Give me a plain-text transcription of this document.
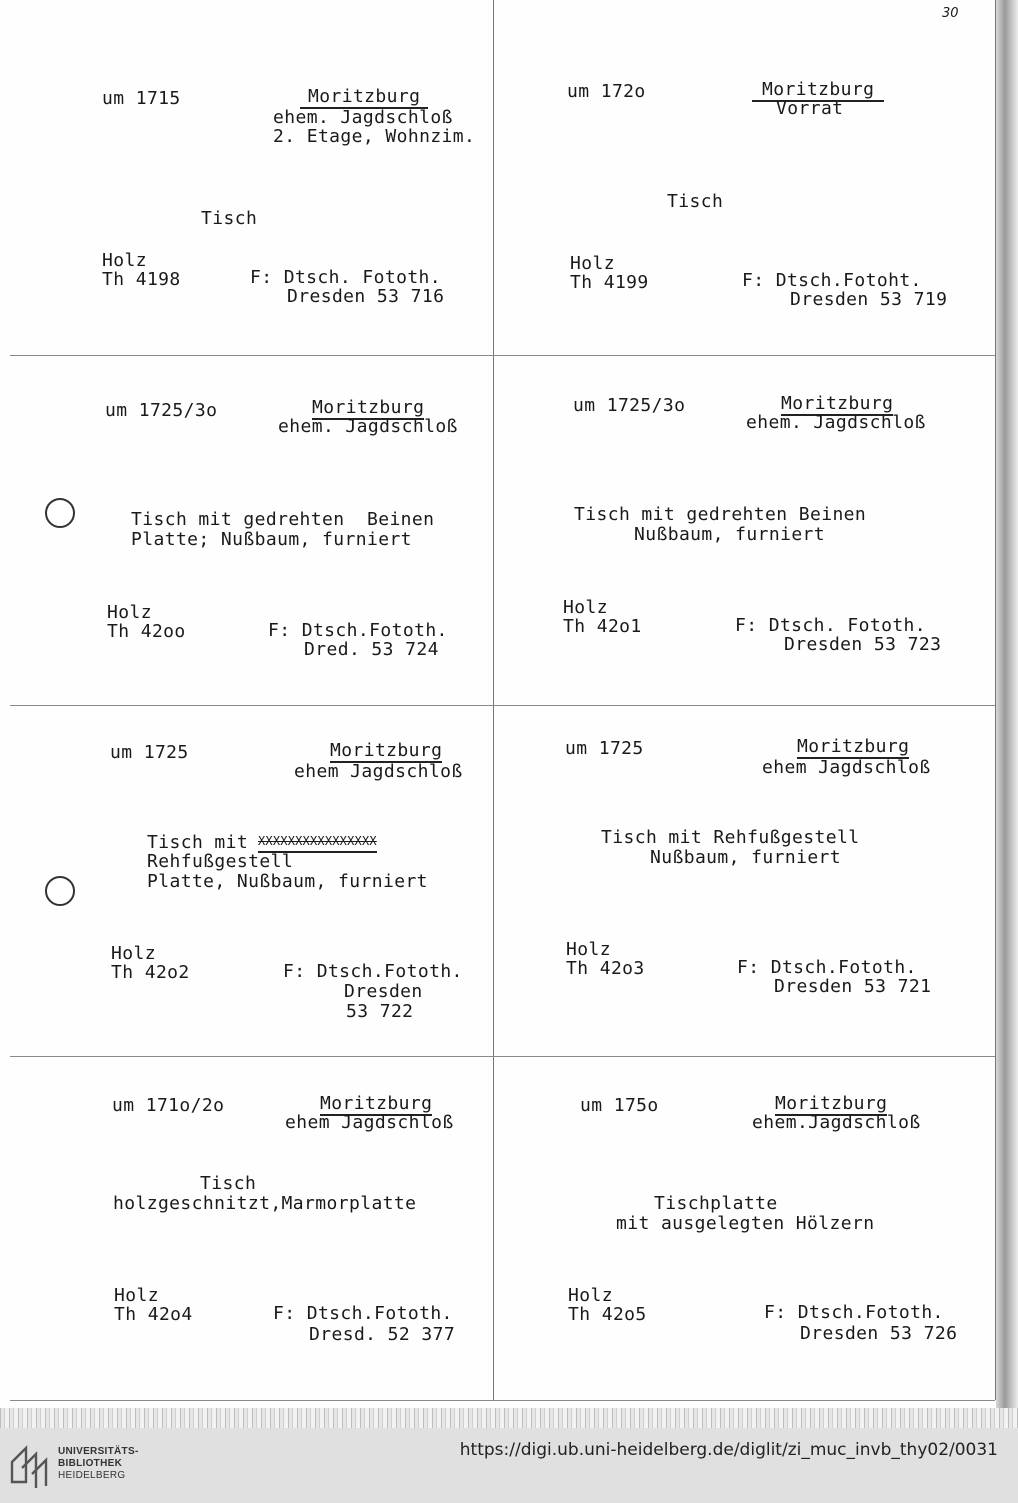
30
um 1715	Moritzburg
ehem. Jagdschloß
2. Etage, Wohnzim.
Tisch
Holz
Th 4198	F: Dtsch. Fototh.
Dresden 53 716
um 172o	Moritzburg
Vorrat
Tisch
Holz
Th 4199	F: Dtsch.Fotoht.
Dresden 53 719
um 1725/3o	Moritzburg
ehem. Jagdschloß
Tisch mit gedrehten  Beinen
Platte; Nußbaum, furniert
Holz
Th 42oo	F: Dtsch.Fototh.
Dred. 53 724
um 1725/3o	Moritzburg
ehem. Jagdschloß
Tisch mit gedrehten Beinen
Nußbaum, furniert
Holz
Th 42o1	F: Dtsch. Fototh.
Dresden 53 723
um 1725	Moritzburg
ehem Jagdschloß
Tisch mit
XXXXXXXXXXXXXXXX
Rehfußgestell
Platte, Nußbaum, furniert
Holz
Th 42o2	F: Dtsch.Fototh.
Dresden
53 722
um 1725	Moritzburg
ehem Jagdschloß
Tisch mit Rehfußgestell
Nußbaum, furniert
Holz
Th 42o3	F: Dtsch.Fototh.
Dresden 53 721
um 171o/2o	Moritzburg
ehem Jagdschloß
Tisch
holzgeschnitzt,Marmorplatte
Holz
Th 42o4	F: Dtsch.Fototh.
Dresd. 52 377
um 175o	Moritzburg
ehem.Jagdschloß
Tischplatte
mit ausgelegten Hölzern
Holz
Th 42o5	F: Dtsch.Fototh.
Dresden 53 726
UNIVERSITÄTS-
BIBLIOTHEK
HEIDELBERG
https://digi.ub.uni-heidelberg.de/diglit/zi_muc_invb_thy02/0031
